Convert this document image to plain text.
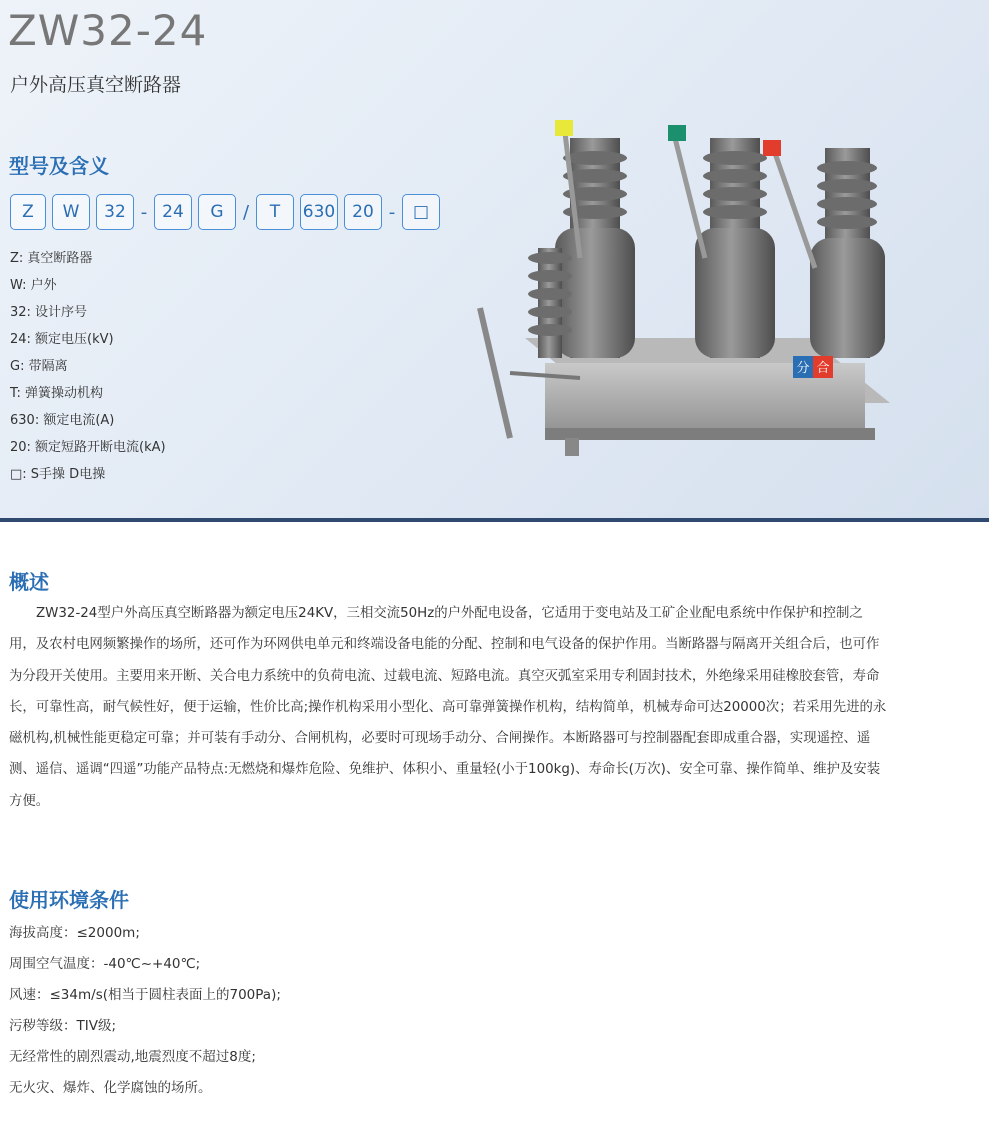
ZW32-24
户外高压真空断路器
型号及含义
Z	W	32 - 24	G	/	T	630 20 -	□
Z: 真空断路器
W: 户外
32: 设计序号
24: 额定电压(kV)
G: 带隔离
T: 弹簧操动机构
630: 额定电流(A)
20: 额定短路开断电流(kA)
□: S手操 D电操
分 合
概述
ZW32-24型户外高压真空断路器为额定电压24KV，三相交流50Hz的户外配电设备，它适用于变电站及工矿企业配电系统中作保护和控制之用，及农村电网频繁操作的场所，还可作为环网供电单元和终端设备电能的分配、控制和电气设备的保护作用。当断路器与隔离开关组合后，也可作为分段开关使用。主要用来开断、关合电力系统中的负荷电流、过载电流、短路电流。真空灭弧室采用专利固封技术，外绝缘采用硅橡胶套管，寿命长，可靠性高，耐气候性好，便于运输，性价比高;操作机构采用小型化、高可靠弹簧操作机构，结构简单，机械寿命可达20000次；若采用先进的永磁机构,机械性能更稳定可靠；并可装有手动分、合闸机构，必要时可现场手动分、合闸操作。本断路器可与控制器配套即成重合器，实现遥控、遥测、遥信、遥调“四遥”功能产品特点:无燃烧和爆炸危险、免维护、体积小、重量轻(小于100kg)、寿命长(万次)、安全可靠、操作简单、维护及安装方便。
使用环境条件
海拔高度：≤2000m;
周围空气温度：-40℃~+40℃;
风速：≤34m/s(相当于圆柱表面上的700Pa);
污秽等级：TIV级;
无经常性的剧烈震动,地震烈度不超过8度;
无火灾、爆炸、化学腐蚀的场所。
